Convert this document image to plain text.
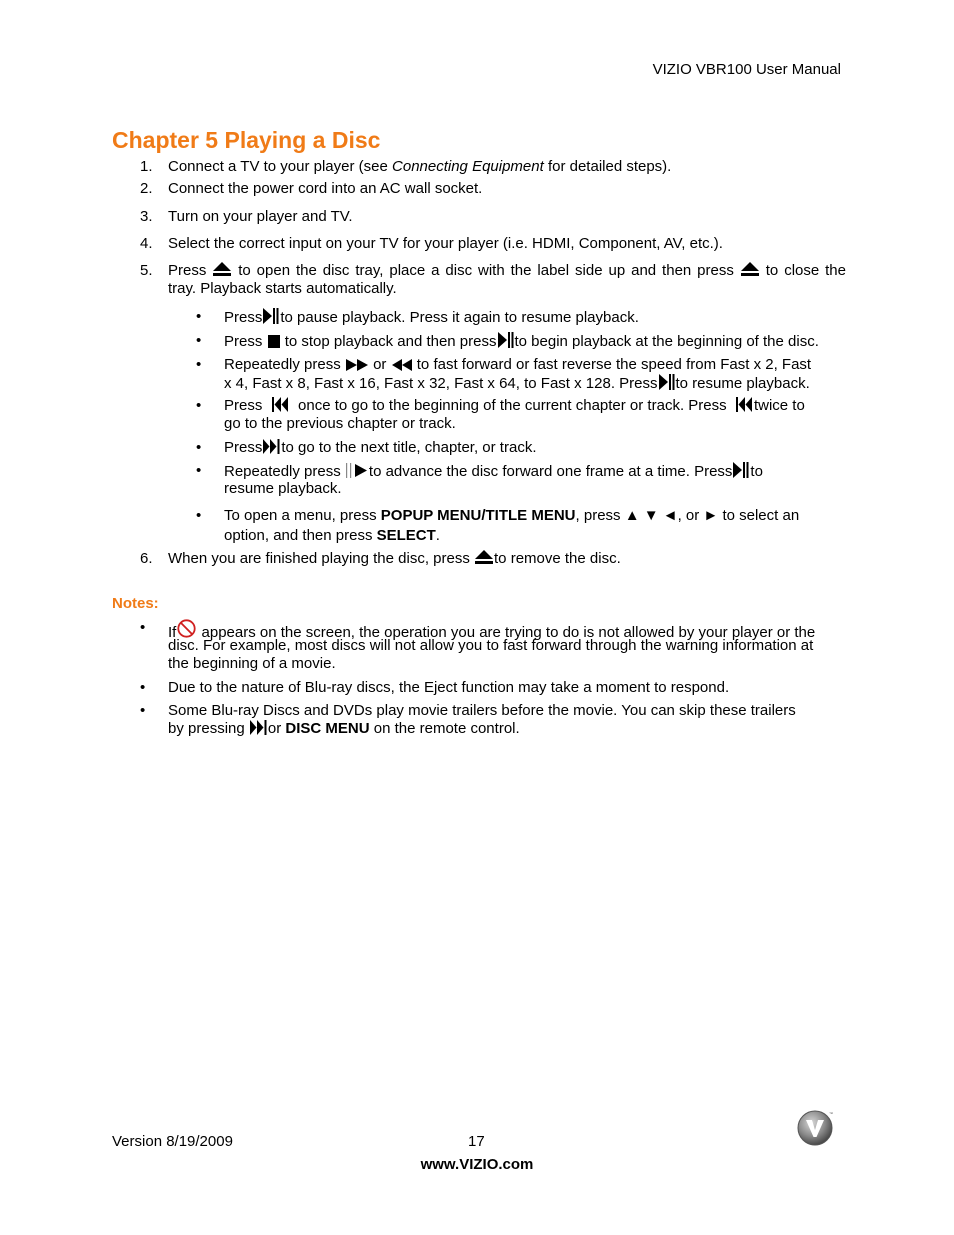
VIZIO VBR100 User Manual
Chapter 5 Playing a Disc
1.	Connect a TV to your player (see Connecting Equipment for detailed steps).
2.	Connect the power cord into an AC wall socket.
3.	Turn on your player and TV.
4.	Select the correct input on your TV for your player (i.e. HDMI, Component, AV, etc.).
5.	Press to open the disc tray, place a disc with the label side up and then press to close the
tray. Playback starts automatically.
• Press to pause playback. Press it again to resume playback.
• Press to stop playback and then press to begin playback at the beginning of the disc.
• Repeatedly press or to fast forward or fast reverse the speed from Fast x 2, Fast
x 4, Fast x 8, Fast x 16, Fast x 32, Fast x 64, to Fast x 128. Press to resume playback.
• Press once to go to the beginning of the current chapter or track. Press twice to
go to the previous chapter or track.
• Press to go to the next title, chapter, or track.
• Repeatedly press to advance the disc forward one frame at a time. Press to
resume playback.
• To open a menu, press POPUP MENU/TITLE MENU, press ▲ ▼ ◄, or ► to select an
option, and then press SELECT.
6.	When you are finished playing the disc, press to remove the disc.
Notes:
• If appears on the screen, the operation you are trying to do is not allowed by your player or the
disc. For example, most discs will not allow you to fast forward through the warning information at
the beginning of a movie.
• Due to the nature of Blu-ray discs, the Eject function may take a moment to respond.
• Some Blu-ray Discs and DVDs play movie trailers before the movie. You can skip these trailers
by pressing or DISC MENU on the remote control.
Version 8/19/2009	17
www.VIZIO.com
™
